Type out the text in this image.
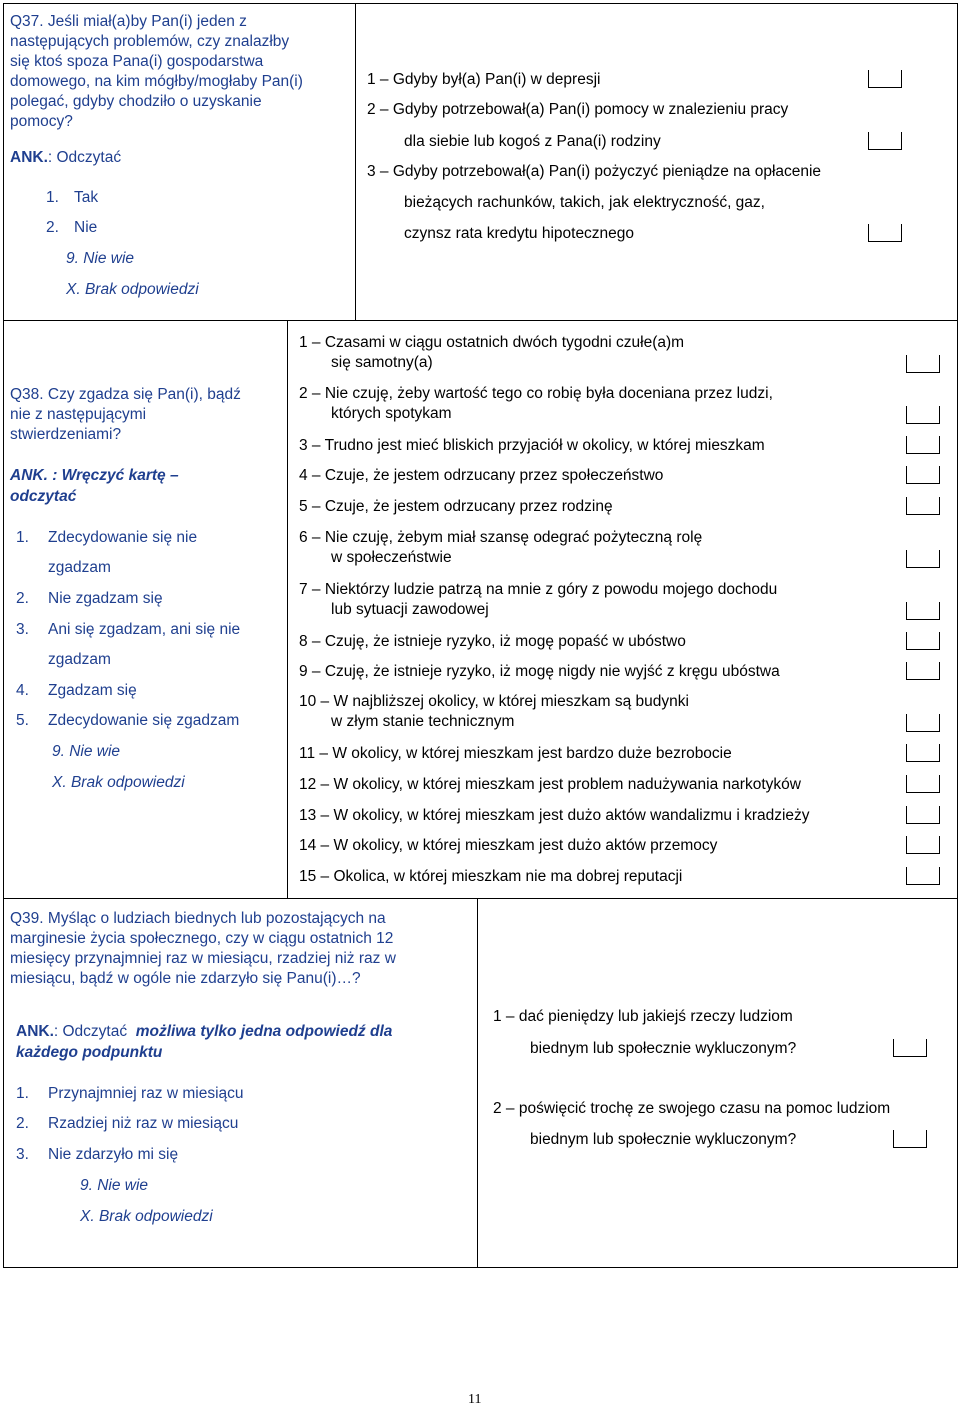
Q37. Jeśli miał(a)by Pan(i) jeden z
następujących problemów, czy znalazłby
się ktoś spoza Pana(i) gospodarstwa
domowego, na kim mógłby/mogłaby Pan(i)
polegać, gdyby chodziło o uzyskanie
pomocy?
ANK.: Odczytać
1. Tak
2. Nie
9. Nie wie
X. Brak odpowiedzi
1 – Gdyby był(a) Pan(i) w depresji
2 – Gdyby potrzebował(a) Pan(i) pomocy w znalezieniu pracy
dla siebie lub kogoś z Pana(i) rodziny
3 – Gdyby potrzebował(a) Pan(i) pożyczyć pieniądze na opłacenie
bieżących rachunków, takich, jak elektryczność, gaz,
czynsz rata kredytu hipotecznego
Q38. Czy zgadza się Pan(i), bądź
nie z następującymi
stwierdzeniami?
ANK. : Wręczyć kartę –
odczytać
1. Zdecydowanie się nie
zgadzam
2. Nie zgadzam się
3. Ani się zgadzam, ani się nie
zgadzam
4. Zgadzam się
5. Zdecydowanie się zgadzam
9. Nie wie
X. Brak odpowiedzi
1 – Czasami w ciągu ostatnich dwóch tygodni czułe(a)m
się samotny(a)
2 – Nie czuję, żeby wartość tego co robię była doceniana przez ludzi,
których spotykam
3 – Trudno jest mieć bliskich przyjaciół w okolicy, w której mieszkam
4 – Czuje, że jestem odrzucany przez społeczeństwo
5 – Czuje, że jestem odrzucany przez rodzinę
6 – Nie czuję, żebym miał szansę odegrać pożyteczną rolę
w społeczeństwie
7 – Niektórzy ludzie patrzą na mnie z góry z powodu mojego dochodu
lub sytuacji zawodowej
8 – Czuję, że istnieje ryzyko, iż mogę popaść w ubóstwo
9 – Czuję, że istnieje ryzyko, iż mogę nigdy nie wyjść z kręgu ubóstwa
10 – W najbliższej okolicy, w której mieszkam są budynki
w złym stanie technicznym
11 – W okolicy, w której mieszkam jest bardzo duże bezrobocie
12 – W okolicy, w której mieszkam jest problem nadużywania narkotyków
13 – W okolicy, w której mieszkam jest dużo aktów wandalizmu i kradzieży
14 – W okolicy, w której mieszkam jest dużo aktów przemocy
15 – Okolica, w której mieszkam nie ma dobrej reputacji
Q39. Myśląc o ludziach biednych lub pozostających na
marginesie życia społecznego, czy w ciągu ostatnich 12
miesięcy przynajmniej raz w miesiącu, rzadziej niż raz w
miesiącu, bądź w ogóle nie zdarzyło się Panu(i)…?
ANK.: Odczytać możliwa tylko jedna odpowiedź dla
każdego podpunktu
1. Przynajmniej raz w miesiącu
2. Rzadziej niż raz w miesiącu
3. Nie zdarzyło mi się
9. Nie wie
X. Brak odpowiedzi
1 – dać pieniędzy lub jakiejś rzeczy ludziom
biednym lub społecznie wykluczonym?
2 – poświęcić trochę ze swojego czasu na pomoc ludziom
biednym lub społecznie wykluczonym?
11
